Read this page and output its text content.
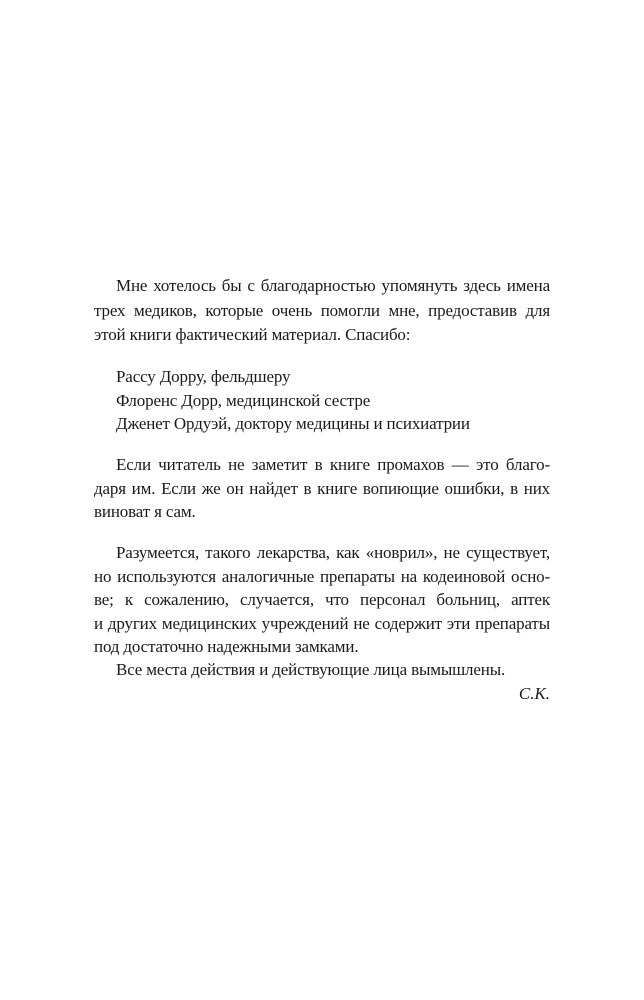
Мне хотелось бы с благодарностью упомянуть здесь имена
трех медиков, которые очень помогли мне, предоставив для
этой книги фактический материал. Спасибо:
Рассу Дорру, фельдшеру
Флоренс Дорр, медицинской сестре
Дженет Ордуэй, доктору медицины и психиатрии
Если читатель не заметит в книге промахов — это благо-
даря им. Если же он найдет в книге вопиющие ошибки, в них
виноват я сам.
Разумеется, такого лекарства, как «новрил», не существует,
но используются аналогичные препараты на кодеиновой осно-
ве; к сожалению, случается, что персонал больниц, аптек
и других медицинских учреждений не содержит эти препараты
под достаточно надежными замками.
Все места действия и действующие лица вымышлены.
С.К.
